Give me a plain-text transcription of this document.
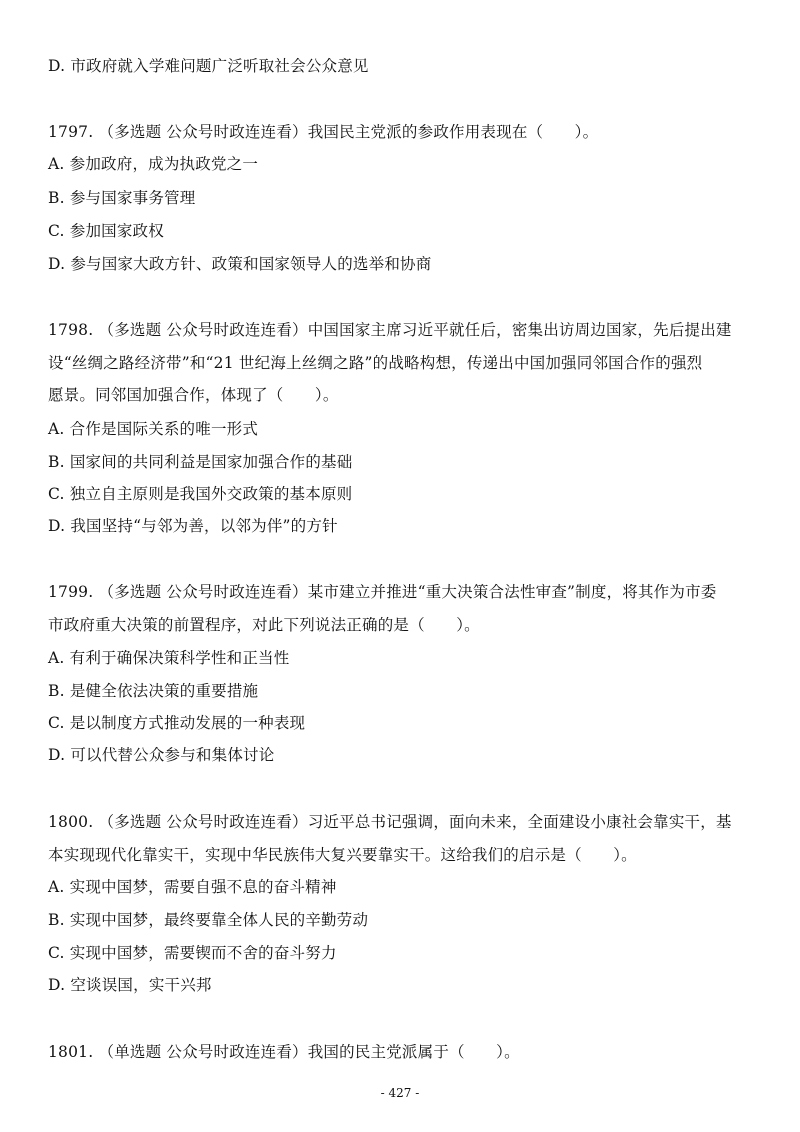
D. 市政府就入学难问题广泛听取社会公众意见
1797. （多选题 公众号时政连连看）我国民主党派的参政作用表现在（　　）。
A. 参加政府，成为执政党之一
B. 参与国家事务管理
C. 参加国家政权
D. 参与国家大政方针、政策和国家领导人的选举和协商
1798. （多选题 公众号时政连连看）中国国家主席习近平就任后，密集出访周边国家，先后提出建
设“丝绸之路经济带”和“21 世纪海上丝绸之路”的战略构想，传递出中国加强同邻国合作的强烈
愿景。同邻国加强合作，体现了（　　）。
A. 合作是国际关系的唯一形式
B. 国家间的共同利益是国家加强合作的基础
C. 独立自主原则是我国外交政策的基本原则
D. 我国坚持“与邻为善，以邻为伴”的方针
1799. （多选题 公众号时政连连看）某市建立并推进“重大决策合法性审查”制度，将其作为市委
市政府重大决策的前置程序，对此下列说法正确的是（　　）。
A. 有利于确保决策科学性和正当性
B. 是健全依法决策的重要措施
C. 是以制度方式推动发展的一种表现
D. 可以代替公众参与和集体讨论
1800. （多选题 公众号时政连连看）习近平总书记强调，面向未来，全面建设小康社会靠实干，基
本实现现代化靠实干，实现中华民族伟大复兴要靠实干。这给我们的启示是（　　）。
A. 实现中国梦，需要自强不息的奋斗精神
B. 实现中国梦，最终要靠全体人民的辛勤劳动
C. 实现中国梦，需要锲而不舍的奋斗努力
D. 空谈误国，实干兴邦
1801. （单选题 公众号时政连连看）我国的民主党派属于（　　）。
- 427 -
